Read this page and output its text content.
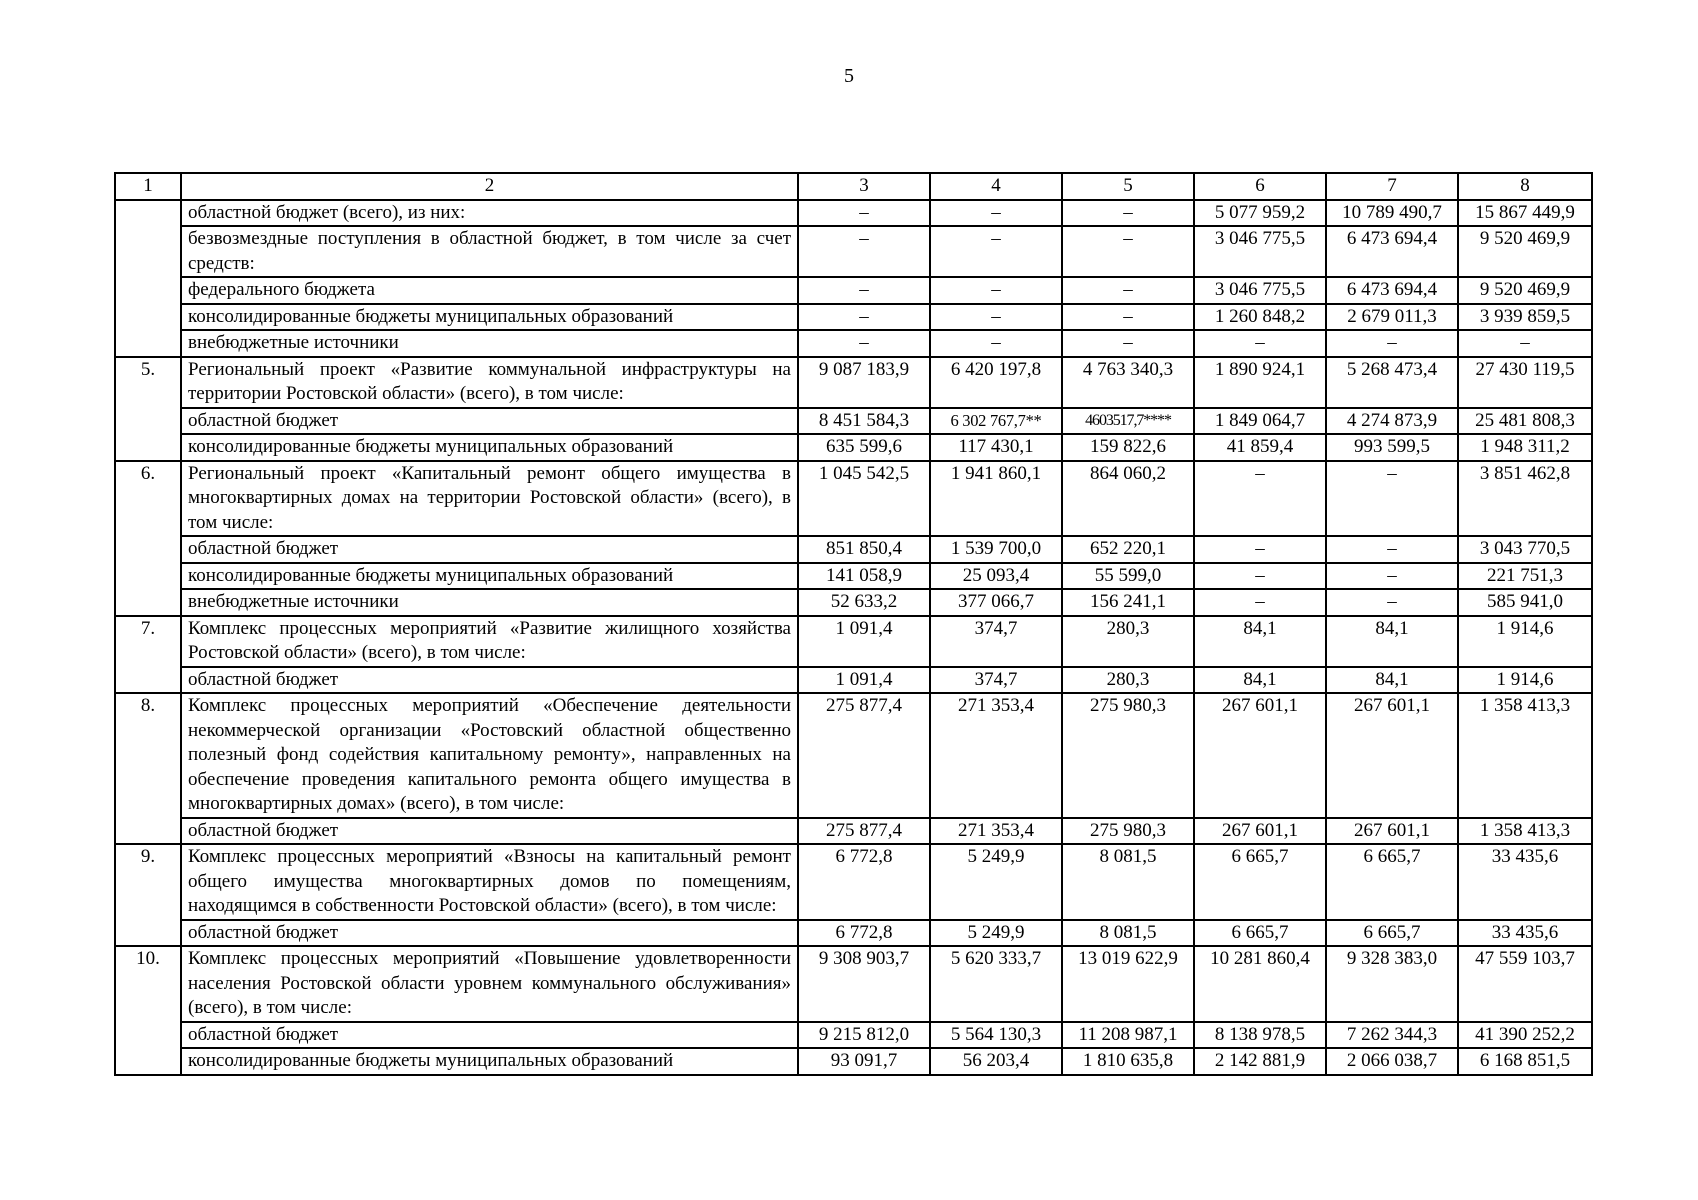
5
1	2	3	4	5	6	7	8
	областной бюджет (всего), из них:	–	–	–	5 077 959,2	10 789 490,7	15 867 449,9
	безвозмездные поступления в областной бюджет, в том числе за счет средств:	–	–	–	3 046 775,5	6 473 694,4	9 520 469,9
	федерального бюджета	–	–	–	3 046 775,5	6 473 694,4	9 520 469,9
	консолидированные бюджеты муниципальных образований	–	–	–	1 260 848,2	2 679 011,3	3 939 859,5
	внебюджетные источники	–	–	–	–	–	–
5.	Региональный проект «Развитие коммунальной инфраструктуры на территории Ростовской области» (всего), в том числе:	9 087 183,9	6 420 197,8	4 763 340,3	1 890 924,1	5 268 473,4	27 430 119,5
	областной бюджет	8 451 584,3	6 302 767,7**	4603517,7****	1 849 064,7	4 274 873,9	25 481 808,3
	консолидированные бюджеты муниципальных образований	635 599,6	117 430,1	159 822,6	41 859,4	993 599,5	1 948 311,2
6.	Региональный проект «Капитальный ремонт общего имущества в многоквартирных домах на территории Ростовской области» (всего), в том числе:	1 045 542,5	1 941 860,1	864 060,2	–	–	3 851 462,8
	областной бюджет	851 850,4	1 539 700,0	652 220,1	–	–	3 043 770,5
	консолидированные бюджеты муниципальных образований	141 058,9	25 093,4	55 599,0	–	–	221 751,3
	внебюджетные источники	52 633,2	377 066,7	156 241,1	–	–	585 941,0
7.	Комплекс процессных мероприятий «Развитие жилищного хозяйства Ростовской области» (всего), в том числе:	1 091,4	374,7	280,3	84,1	84,1	1 914,6
	областной бюджет	1 091,4	374,7	280,3	84,1	84,1	1 914,6
8.	Комплекс процессных мероприятий «Обеспечение деятельности некоммерческой организации «Ростовский областной общественно полезный фонд содействия капитальному ремонту», направленных на обеспечение проведения капитального ремонта общего имущества в многоквартирных домах» (всего), в том числе:	275 877,4	271 353,4	275 980,3	267 601,1	267 601,1	1 358 413,3
	областной бюджет	275 877,4	271 353,4	275 980,3	267 601,1	267 601,1	1 358 413,3
9.	Комплекс процессных мероприятий «Взносы на капитальный ремонт общего имущества многоквартирных домов по помещениям, находящимся в собственности Ростовской области» (всего), в том числе:	6 772,8	5 249,9	8 081,5	6 665,7	6 665,7	33 435,6
	областной бюджет	6 772,8	5 249,9	8 081,5	6 665,7	6 665,7	33 435,6
10.	Комплекс процессных мероприятий «Повышение удовлетворенности населения Ростовской области уровнем коммунального обслуживания» (всего), в том числе:	9 308 903,7	5 620 333,7	13 019 622,9	10 281 860,4	9 328 383,0	47 559 103,7
	областной бюджет	9 215 812,0	5 564 130,3	11 208 987,1	8 138 978,5	7 262 344,3	41 390 252,2
	консолидированные бюджеты муниципальных образований	93 091,7	56 203,4	1 810 635,8	2 142 881,9	2 066 038,7	6 168 851,5
